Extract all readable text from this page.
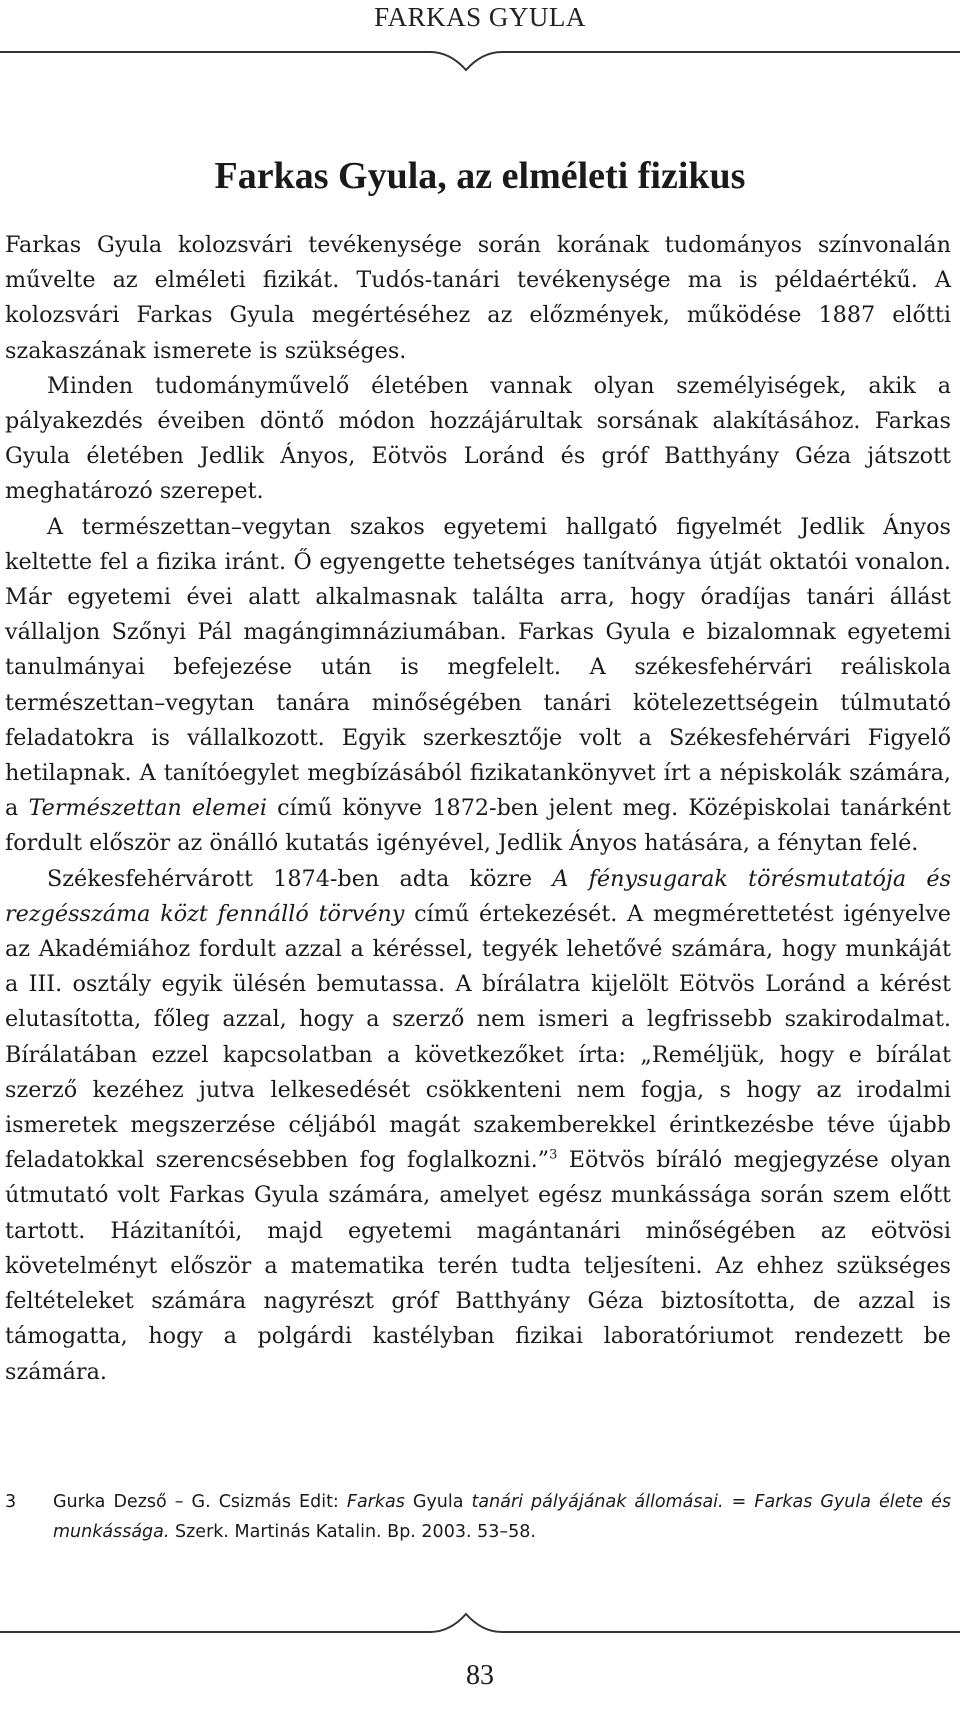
FARKAS GYULA
Farkas Gyula, az elméleti fizikus

Farkas Gyula kolozsvári tevékenysége során korának tudományos színvonalán művelte az elméleti fizikát. Tudós-tanári tevékenysége ma is példaértékű. A kolozsvári Farkas Gyula megértéséhez az előzmények, működése 1887 előtti szakaszának ismerete is szükséges.

Minden tudományművelő életében vannak olyan személyiségek, akik a pályakezdés éveiben döntő módon hozzájárultak sorsának alakításához. Farkas Gyula életében Jedlik Ányos, Eötvös Loránd és gróf Batthyány Géza játszott meghatározó szerepet.

A természettan–vegytan szakos egyetemi hallgató figyelmét Jedlik Ányos keltette fel a fizika iránt. Ő egyengette tehetséges tanítványa útját oktatói vonalon. Már egyetemi évei alatt alkalmasnak találta arra, hogy óradíjas tanári állást vállaljon Szőnyi Pál magángimnáziumában. Farkas Gyula e bizalomnak egyetemi tanulmányai befejezése után is megfelelt. A székesfehérvári reáliskola természettan–vegytan tanára minőségében tanári kötelezettségein túlmutató feladatokra is vállalkozott. Egyik szerkesztője volt a Székesfehérvári Figyelő hetilapnak. A tanítóegylet megbízásából fizikatankönyvet írt a népiskolák számára, a Természettan elemei című könyve 1872-ben jelent meg. Középiskolai tanárként fordult először az önálló kutatás igényével, Jedlik Ányos hatására, a fénytan felé.

Székesfehérvárott 1874-ben adta közre A fénysugarak törésmutatója és rezgésszáma közt fennálló törvény című értekezését. A megmérettetést igényelve az Akadémiához fordult azzal a kéréssel, tegyék lehetővé számára, hogy munkáját a III. osztály egyik ülésén bemutassa. A bírálatra kijelölt Eötvös Loránd a kérést elutasította, főleg azzal, hogy a szerző nem ismeri a legfrissebb szakirodalmat. Bírálatában ezzel kapcsolatban a következőket írta: „Reméljük, hogy e bírálat szerző kezéhez jutva lelkesedését csökkenteni nem fogja, s hogy az irodalmi ismeretek megszerzése céljából magát szakemberekkel érintkezésbe téve újabb feladatokkal szerencsésebben fog foglalkozni.”$^3$ Eötvös bíráló megjegyzése olyan útmutató volt Farkas Gyula számára, amelyet egész munkássága során szem előtt tartott. Házitanítói, majd egyetemi magántanári minőségében az eötvösi követelményt először a matematika terén tudta teljesíteni. Az ehhez szükséges feltételeket számára nagyrészt gróf Batthyány Géza biztosította, de azzal is támogatta, hogy a polgárdi kastélyban fizikai laboratóriumot rendezett be számára.

3	Gurka Dezső – G. Csizmás Edit: Farkas Gyula tanári pályájának állomásai. = Farkas Gyula élete és munkássága. Szerk. Martinás Katalin. Bp. 2003. 53–58.
83
